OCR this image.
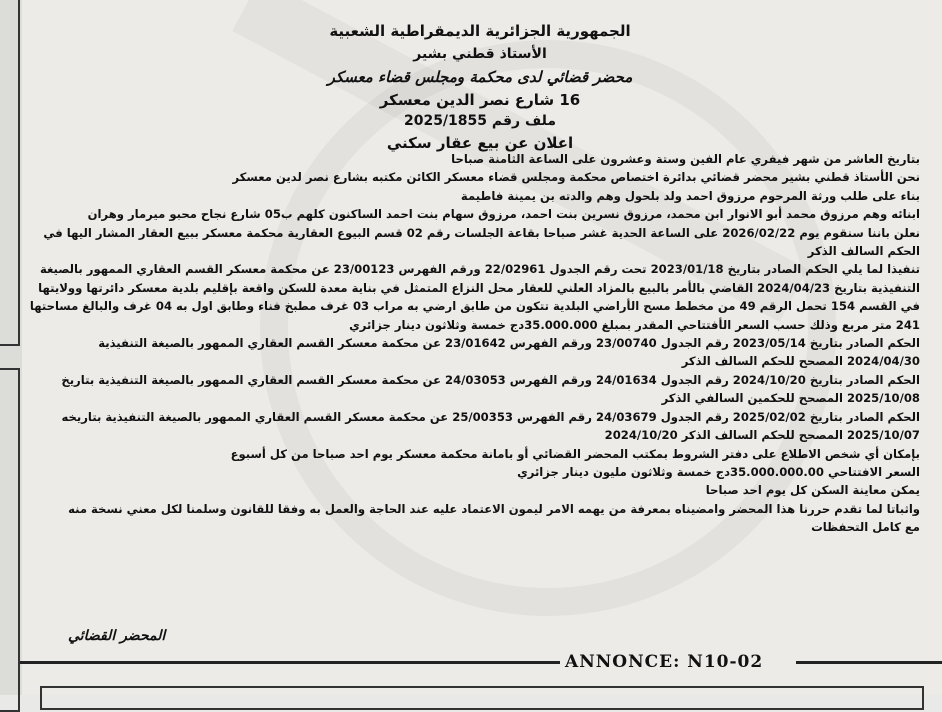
الجمهورية الجزائرية الديمقراطية الشعبية
الأستاذ قطني بشير
محضر قضائي لدى محكمة ومجلس قضاء معسكر
16 شارع نصر الدين معسكر
ملف رقم 2025/1855
اعلان عن بيع عقار سكني

بتاريخ العاشر من شهر فيفري عام الفين وستة وعشرون على الساعة الثامنة صباحا

نحن الأستاذ قطني بشير محضر قضائي بدائرة اختصاص محكمة ومجلس قضاء معسكر الكائن مكتبه بشارع نصر لدين معسكر

بناء على طلب ورثة المرحوم مرزوق احمد ولد بلحول وهم والدته بن يمينة فاطيمة

ابنائه وهم مرزوق محمد أبو الانوار ابن محمد، مرزوق نسرين بنت احمد، مرزوق سهام بنت احمد الساكنون كلهم ب05 شارع نجاح محبو ميرمار وهران

نعلن باننا سنقوم يوم 2026/02/22 على الساعة الحدية غشر صباحا بقاعة الجلسات رقم 02 قسم البيوع العقارية محكمة معسكر ببيع العقار المشار اليها في الحكم السالف الذكر

تنفيذا لما يلي الحكم الصادر بتاريخ 2023/01/18 تحت رقم الجدول 22/02961 ورقم الفهرس 23/00123 عن محكمة معسكر القسم العقاري الممهور بالصيغة التنفيذية بتاريخ 2024/04/23 القاضي بالأمر بالبيع بالمزاد العلني للعقار محل النزاع المتمثل في بناية معدة للسكن واقعة بإقليم بلدية معسكر دائرتها وولايتها في القسم 154 تحمل الرقم 49 من مخطط مسح الأراضي البلدية تتكون من طابق ارضي به مراب 03 غرف مطبخ فناء وطابق اول به 04 غرف والبالغ مساحتها 241 متر مربع وذلك حسب السعر الأفتتاحي المقدر بمبلغ 35.000.000دج خمسة وثلاثون دينار جزائري

الحكم الصادر بتاريخ 2023/05/14 رقم الجدول 23/00740 ورقم الفهرس 23/01642 عن محكمة معسكر القسم العقاري الممهور بالصيغة التنفيذية 2024/04/30 المصحح للحكم السالف الذكر

الحكم الصادر بتاريخ 2024/10/20 رقم الجدول 24/01634 ورقم الفهرس 24/03053 عن محكمة معسكر القسم العقاري الممهور بالصيغة التنفيذية بتاريخ 2025/10/08 المصحح للحكمين السالفي الذكر

الحكم الصادر بتاريخ 2025/02/02 رقم الجدول 24/03679 رقم الفهرس 25/00353 عن محكمة معسكر القسم العقاري الممهور بالصيغة التنفيذية بتاريخه 2025/10/07 المصحح للحكم السالف الذكر 2024/10/20

بإمكان أي شخص الاطلاع على دفتر الشروط بمكتب المحضر القضائي أو بامانة محكمة معسكر يوم احد صباحا من كل أسبوع

السعر الافتتاحي 35.000.000.00دج خمسة وثلاثون مليون دينار جزائري

يمكن معاينة السكن كل يوم احد صباحا

واثباتا لما تقدم حررنا هذا المحضر وامضيناه بمعرفة من يهمه الامر ليمون الاعتماد عليه عند الحاجة والعمل به وفقا للقانون وسلمنا لكل معني نسخة منه

مع كامل التحفظات

المحضر القضائي
ANNONCE: N10-02
